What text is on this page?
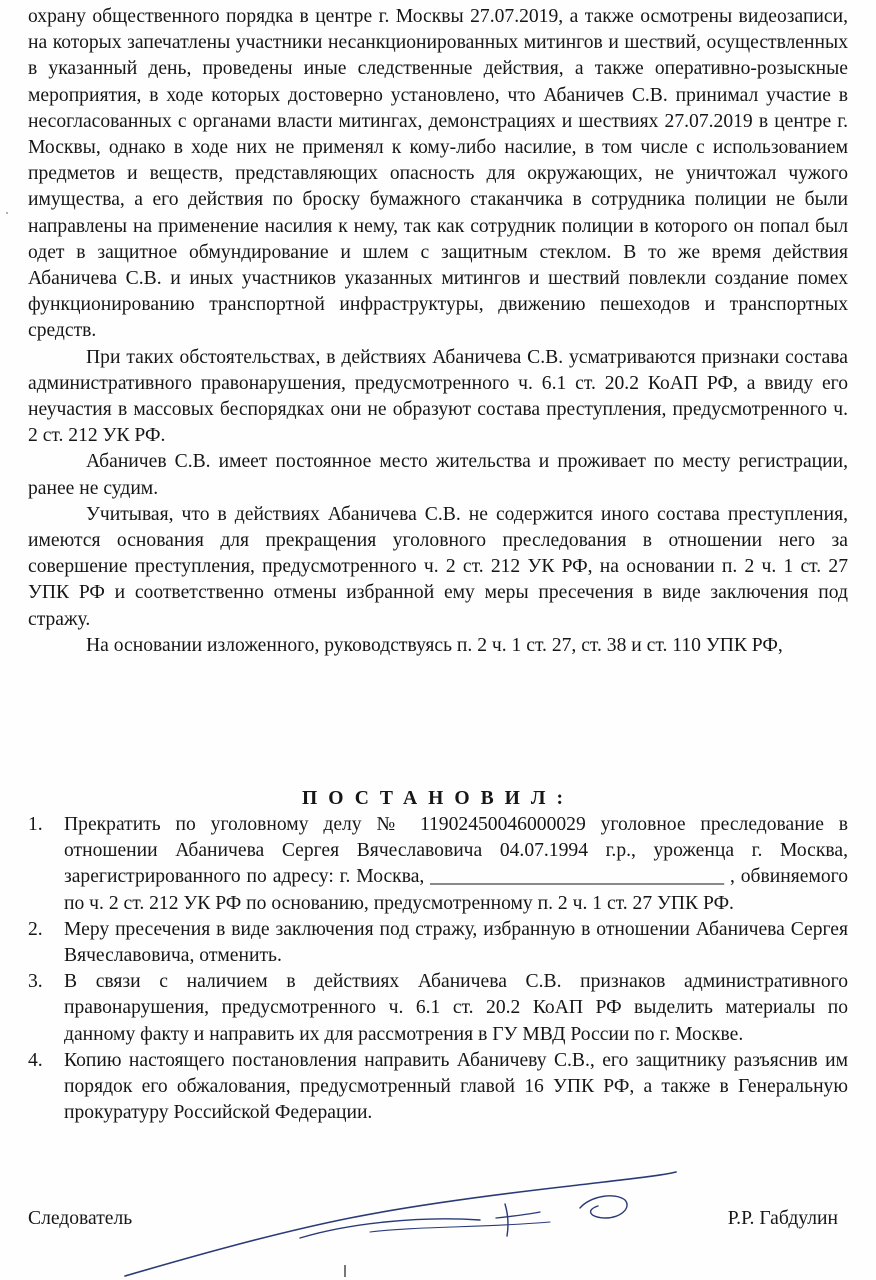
охрану общественного порядка в центре г. Москвы 27.07.2019, а также осмотрены видеозаписи, на которых запечатлены участники несанкционированных митингов и шествий, осуществленных в указанный день, проведены иные следственные действия, а также оперативно-розыскные мероприятия, в ходе которых достоверно установлено, что Абаничев С.В. принимал участие в несогласованных с органами власти митингах, демонстрациях и шествиях 27.07.2019 в центре г. Москвы, однако в ходе них не применял к кому-либо насилие, в том числе с использованием предметов и веществ, представляющих опасность для окружающих, не уничтожал чужого имущества, а его действия по броску бумажного стаканчика в сотрудника полиции не были направлены на применение насилия к нему, так как сотрудник полиции в которого он попал был одет в защитное обмундирование и шлем с защитным стеклом. В то же время действия Абаничева С.В. и иных участников указанных митингов и шествий повлекли создание помех функционированию транспортной инфраструктуры, движению пешеходов и транспортных средств.

При таких обстоятельствах, в действиях Абаничева С.В. усматриваются признаки состава административного правонарушения, предусмотренного ч. 6.1 ст. 20.2 КоАП РФ, а ввиду его неучастия в массовых беспорядках они не образуют состава преступления, предусмотренного ч. 2 ст. 212 УК РФ.

Абаничев С.В. имеет постоянное место жительства и проживает по месту регистрации, ранее не судим.

Учитывая, что в действиях Абаничева С.В. не содержится иного состава преступления, имеются основания для прекращения уголовного преследования в отношении него за совершение преступления, предусмотренного ч. 2 ст. 212 УК РФ, на основании п. 2 ч. 1 ст. 27 УПК РФ и соответственно отмены избранной ему меры пресечения в виде заключения под стражу.

На основании изложенного, руководствуясь п. 2 ч. 1 ст. 27, ст. 38 и ст. 110 УПК РФ,

ПОСТАНОВИЛ:
1.	Прекратить по уголовному делу № 11902450046000029 уголовное преследование в отношении Абаничева Сергея Вячеславовича 04.07.1994 г.р., уроженца г. Москва, зарегистрированного по адресу: г. Москва, ______________________________ , обвиняемого по ч. 2 ст. 212 УК РФ по основанию, предусмотренному п. 2 ч. 1 ст. 27 УПК РФ.
2.	Меру пресечения в виде заключения под стражу, избранную в отношении Абаничева Сергея Вячеславовича, отменить.
3.	В связи с наличием в действиях Абаничева С.В. признаков административного правонарушения, предусмотренного ч. 6.1 ст. 20.2 КоАП РФ выделить материалы по данному факту и направить их для рассмотрения в ГУ МВД России по г. Москве.
4.	Копию настоящего постановления направить Абаничеву С.В., его защитнику разъяснив им порядок его обжалования, предусмотренный главой 16 УПК РФ, а также в Генеральную прокуратуру Российской Федерации.
Следователь	Р.Р. Габдулин
